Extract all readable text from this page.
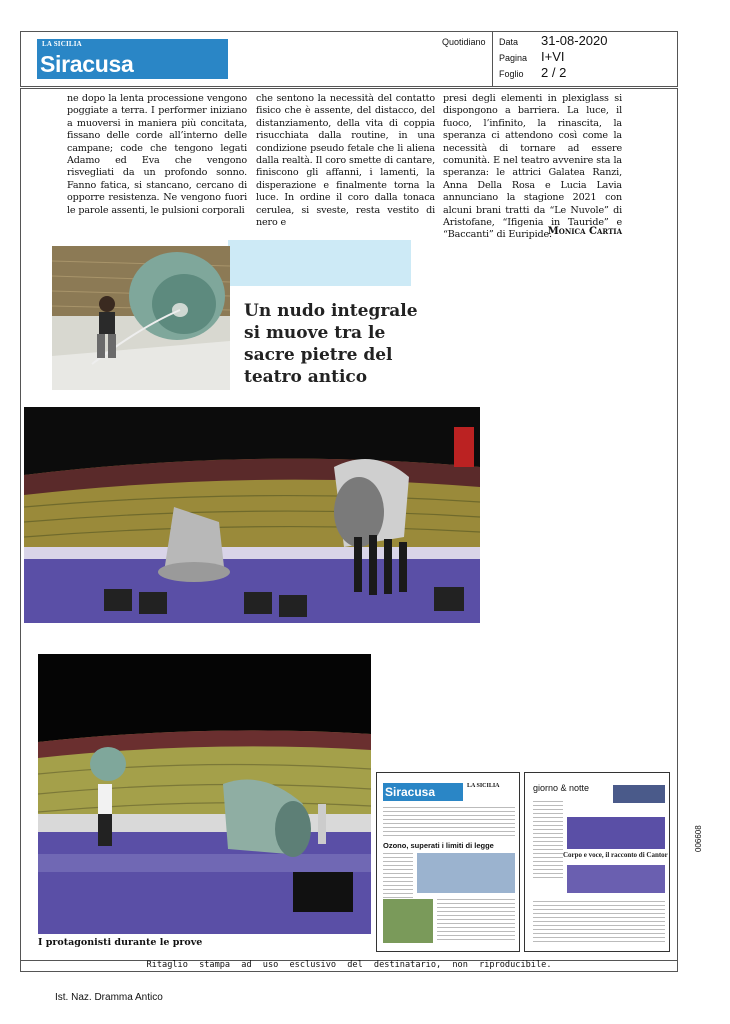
LA SICILIA
Siracusa
Quotidiano Data 31-08-2020
Pagina I+VI
Foglio 2 / 2

ne dopo la lenta processione vengono poggiate a terra. I performer iniziano a muoversi in maniera più concitata, fissano delle corde all’interno delle campane; code che tengono legati Adamo ed Eva che vengono risvegliati da un profondo sonno. Fanno fatica, si stancano, cercano di opporre resistenza. Ne vengono fuori le parole assenti, le pulsioni corporali

che sentono la necessità del contatto fisico che è assente, del distacco, del distanziamento, della vita di coppia risucchiata dalla routine, in una condizione pseudo fetale che li aliena dalla realtà. Il coro smette di cantare, finiscono gli affanni, i lamenti, la disperazione e finalmente torna la luce. In ordine il coro dalla tonaca cerulea, si sveste, resta vestito di nero e

presi degli elementi in plexiglass si dispongono a barriera. La luce, il fuoco, l’infinito, la rinascita, la speranza ci attendono così come la necessità di tornare ad essere comunità. E nel teatro avvenire sta la speranza: le attrici Galatea Ranzi, Anna Della Rosa e Lucia Lavia annunciano la stagione 2021 con alcuni brani tratti da “Le Nuvole” di Aristofane, “Ifigenia in Tauride” e “Baccanti” di Euripide.

Monica Cartia

Un nudo integrale si muove tra le sacre pietre del teatro antico
I protagonisti durante le prove
Siracusa	LA SICILIA
Ozono, superati i limiti di legge
giorno & notte
Corpo e voce, il racconto di Cantor
Ritaglio stampa ad uso esclusivo del destinatario, non riproducibile.
Ist. Naz. Dramma Antico
006608
